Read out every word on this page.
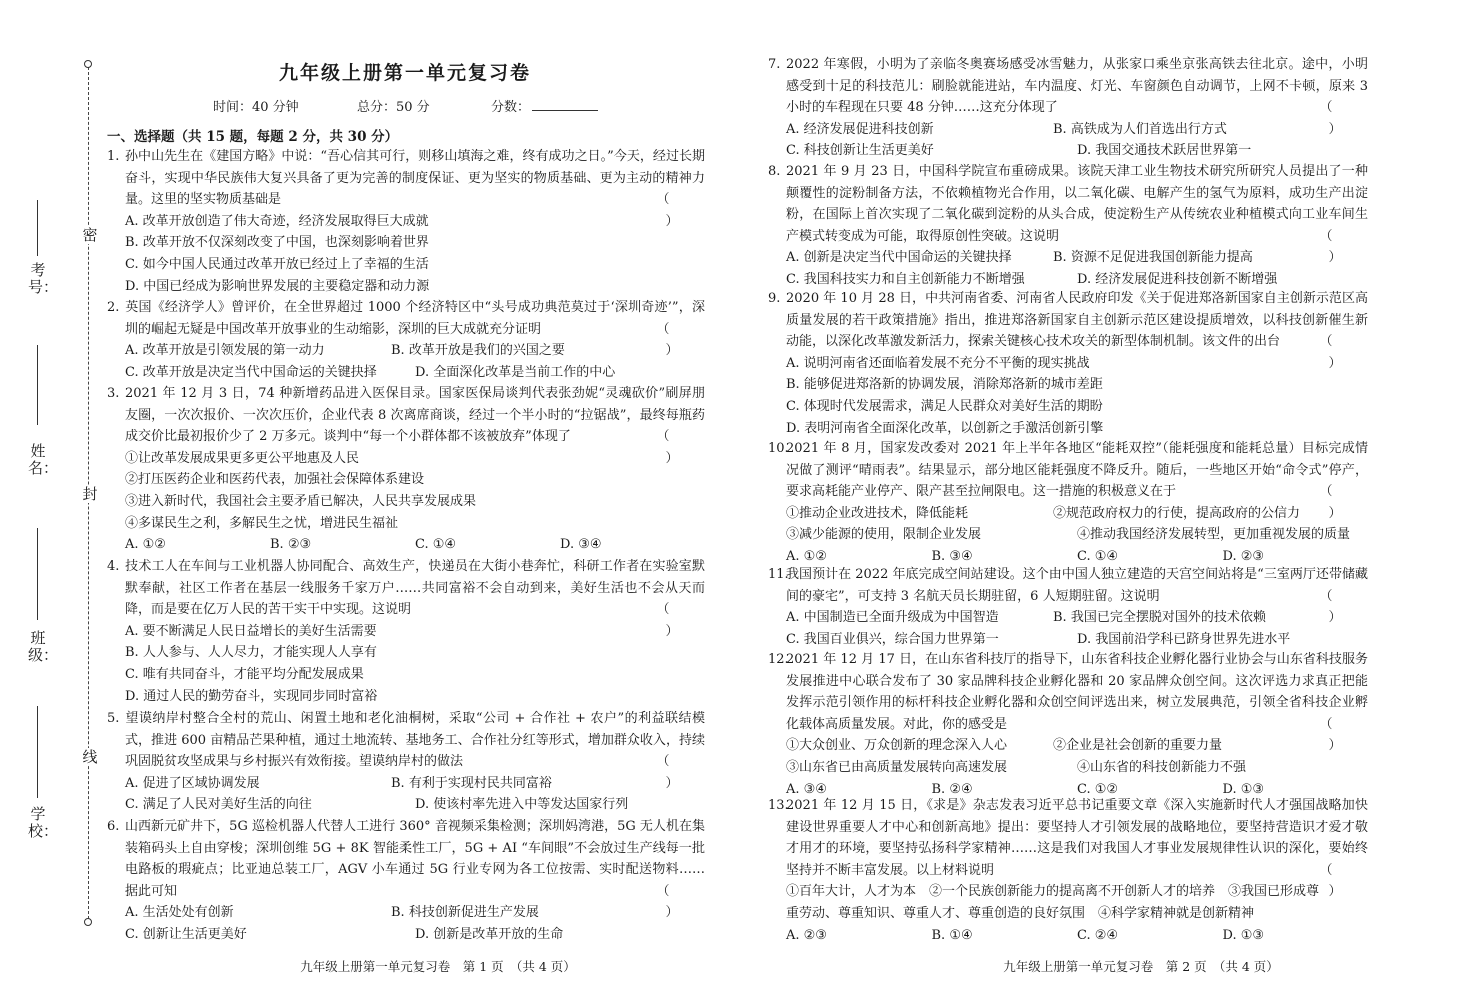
密
封
线
考号：
姓名：
班级：
学校：
九年级上册第一单元复习卷
时间：40 分钟	总分：50 分	分数：
一、选择题（共 15 题，每题 2 分，共 30 分）
1. 孙中山先生在《建国方略》中说：“吾心信其可行，则移山填海之难，终有成功之日。”今天，经过长期奋斗，实现中华民族伟大复兴具备了更为完善的制度保证、更为坚实的物质基础、更为主动的精神力量。这里的坚实物质基础是	（ ）
A. 改革开放创造了伟大奇迹，经济发展取得巨大成就
B. 改革开放不仅深刻改变了中国，也深刻影响着世界
C. 如今中国人民通过改革开放已经过上了幸福的生活
D. 中国已经成为影响世界发展的主要稳定器和动力源
2. 英国《经济学人》曾评价，在全世界超过 1000 个经济特区中“头号成功典范莫过于‘深圳奇迹’”，深圳的崛起无疑是中国改革开放事业的生动缩影，深圳的巨大成就充分证明	（ ）
A. 改革开放是引领发展的第一动力	B. 改革开放是我们的兴国之要
C. 改革开放是决定当代中国命运的关键抉择	D. 全面深化改革是当前工作的中心
3. 2021 年 12 月 3 日，74 种新增药品进入医保目录。国家医保局谈判代表张劲妮“灵魂砍价”刷屏朋友圈，一次次报价、一次次压价，企业代表 8 次离席商谈，经过一个半小时的“拉锯战”，最终每瓶药成交价比最初报价少了 2 万多元。谈判中“每一个小群体都不该被放弃”体现了	（ ）
①让改革发展成果更多更公平地惠及人民
②打压医药企业和医药代表，加强社会保障体系建设
③进入新时代，我国社会主要矛盾已解决，人民共享发展成果
④多谋民生之利，多解民生之忧，增进民生福祉
A. ①②	B. ②③	C. ①④	D. ③④
4. 技术工人在车间与工业机器人协同配合、高效生产，快递员在大街小巷奔忙，科研工作者在实验室默默奉献，社区工作者在基层一线服务千家万户……共同富裕不会自动到来，美好生活也不会从天而降，而是要在亿万人民的苦干实干中实现。这说明	（ ）
A. 要不断满足人民日益增长的美好生活需要
B. 人人参与、人人尽力，才能实现人人享有
C. 唯有共同奋斗，才能平均分配发展成果
D. 通过人民的勤劳奋斗，实现同步同时富裕
5. 望谟纳岸村整合全村的荒山、闲置土地和老化油桐树，采取“公司 + 合作社 + 农户”的利益联结模式，推进 600 亩精品芒果种植，通过土地流转、基地务工、合作社分红等形式，增加群众收入，持续巩固脱贫攻坚成果与乡村振兴有效衔接。望谟纳岸村的做法	（ ）
A. 促进了区域协调发展	B. 有利于实现村民共同富裕
C. 满足了人民对美好生活的向往	D. 使该村率先进入中等发达国家行列
6. 山西新元矿井下，5G 巡检机器人代替人工进行 360° 音视频采集检测；深圳妈湾港，5G 无人机在集装箱码头上自由穿梭；深圳创维 5G + 8K 智能柔性工厂，5G + AI “车间眼”不会放过生产线每一批电路板的瑕疵点；比亚迪总装工厂，AGV 小车通过 5G 行业专网为各工位按需、实时配送物料……据此可知	（ ）
A. 生活处处有创新	B. 科技创新促进生产发展
C. 创新让生活更美好	D. 创新是改革开放的生命
九年级上册第一单元复习卷　第 1 页　（共 4 页）
7. 2022 年寒假，小明为了亲临冬奥赛场感受冰雪魅力，从张家口乘坐京张高铁去往北京。途中，小明感受到十足的科技范儿：刷脸就能进站，车内温度、灯光、车窗颜色自动调节，上网不卡顿，原来 3 小时的车程现在只要 48 分钟……这充分体现了	（ ）
A. 经济发展促进科技创新	B. 高铁成为人们首选出行方式
C. 科技创新让生活更美好	D. 我国交通技术跃居世界第一
8. 2021 年 9 月 23 日，中国科学院宣布重磅成果。该院天津工业生物技术研究所研究人员提出了一种颠覆性的淀粉制备方法，不依赖植物光合作用，以二氧化碳、电解产生的氢气为原料，成功生产出淀粉，在国际上首次实现了二氧化碳到淀粉的从头合成，使淀粉生产从传统农业种植模式向工业车间生产模式转变成为可能，取得原创性突破。这说明	（ ）
A. 创新是决定当代中国命运的关键抉择	B. 资源不足促进我国创新能力提高
C. 我国科技实力和自主创新能力不断增强	D. 经济发展促进科技创新不断增强
9. 2020 年 10 月 28 日，中共河南省委、河南省人民政府印发《关于促进郑洛新国家自主创新示范区高质量发展的若干政策措施》指出，推进郑洛新国家自主创新示范区建设提质增效，以科技创新催生新动能，以深化改革激发新活力，探索关键核心技术攻关的新型体制机制。该文件的出台	（ ）
A. 说明河南省还面临着发展不充分不平衡的现实挑战
B. 能够促进郑洛新的协调发展，消除郑洛新的城市差距
C. 体现时代发展需求，满足人民群众对美好生活的期盼
D. 表明河南省全面深化改革，以创新之手激活创新引擎
10.2021 年 8 月，国家发改委对 2021 年上半年各地区“能耗双控”（能耗强度和能耗总量）目标完成情况做了测评“晴雨表”。结果显示，部分地区能耗强度不降反升。随后，一些地区开始“命令式”停产，要求高耗能产业停产、限产甚至拉闸限电。这一措施的积极意义在于	（ ）
①推动企业改进技术，降低能耗	②规范政府权力的行使，提高政府的公信力
③减少能源的使用，限制企业发展	④推动我国经济发展转型，更加重视发展的质量
A. ①②	B. ③④	C. ①④	D. ②③
11.我国预计在 2022 年底完成空间站建设。这个由中国人独立建造的天宫空间站将是“三室两厅还带储藏间的豪宅”，可支持 3 名航天员长期驻留，6 人短期驻留。这说明	（ ）
A. 中国制造已全面升级成为中国智造	B. 我国已完全摆脱对国外的技术依赖
C. 我国百业俱兴，综合国力世界第一	D. 我国前沿学科已跻身世界先进水平
12.2021 年 12 月 17 日，在山东省科技厅的指导下，山东省科技企业孵化器行业协会与山东省科技服务发展推进中心联合发布了 30 家品牌科技企业孵化器和 20 家品牌众创空间。这次评选力求真正把能发挥示范引领作用的标杆科技企业孵化器和众创空间评选出来，树立发展典范，引领全省科技企业孵化载体高质量发展。对此，你的感受是	（ ）
①大众创业、万众创新的理念深入人心	②企业是社会创新的重要力量
③山东省已由高质量发展转向高速发展	④山东省的科技创新能力不强
A. ③④	B. ②④	C. ①②	D. ①③
13.2021 年 12 月 15 日，《求是》杂志发表习近平总书记重要文章《深入实施新时代人才强国战略加快建设世界重要人才中心和创新高地》提出：要坚持人才引领发展的战略地位，要坚持营造识才爱才敬才用才的环境，要坚持弘扬科学家精神……这是我们对我国人才事业发展规律性认识的深化，要始终坚持并不断丰富发展。以上材料说明	（ ）
①百年大计，人才为本　②一个民族创新能力的提高离不开创新人才的培养　③我国已形成尊重劳动、尊重知识、尊重人才、尊重创造的良好氛围　④科学家精神就是创新精神
A. ②③	B. ①④	C. ②④	D. ①③
九年级上册第一单元复习卷　第 2 页　（共 4 页）
